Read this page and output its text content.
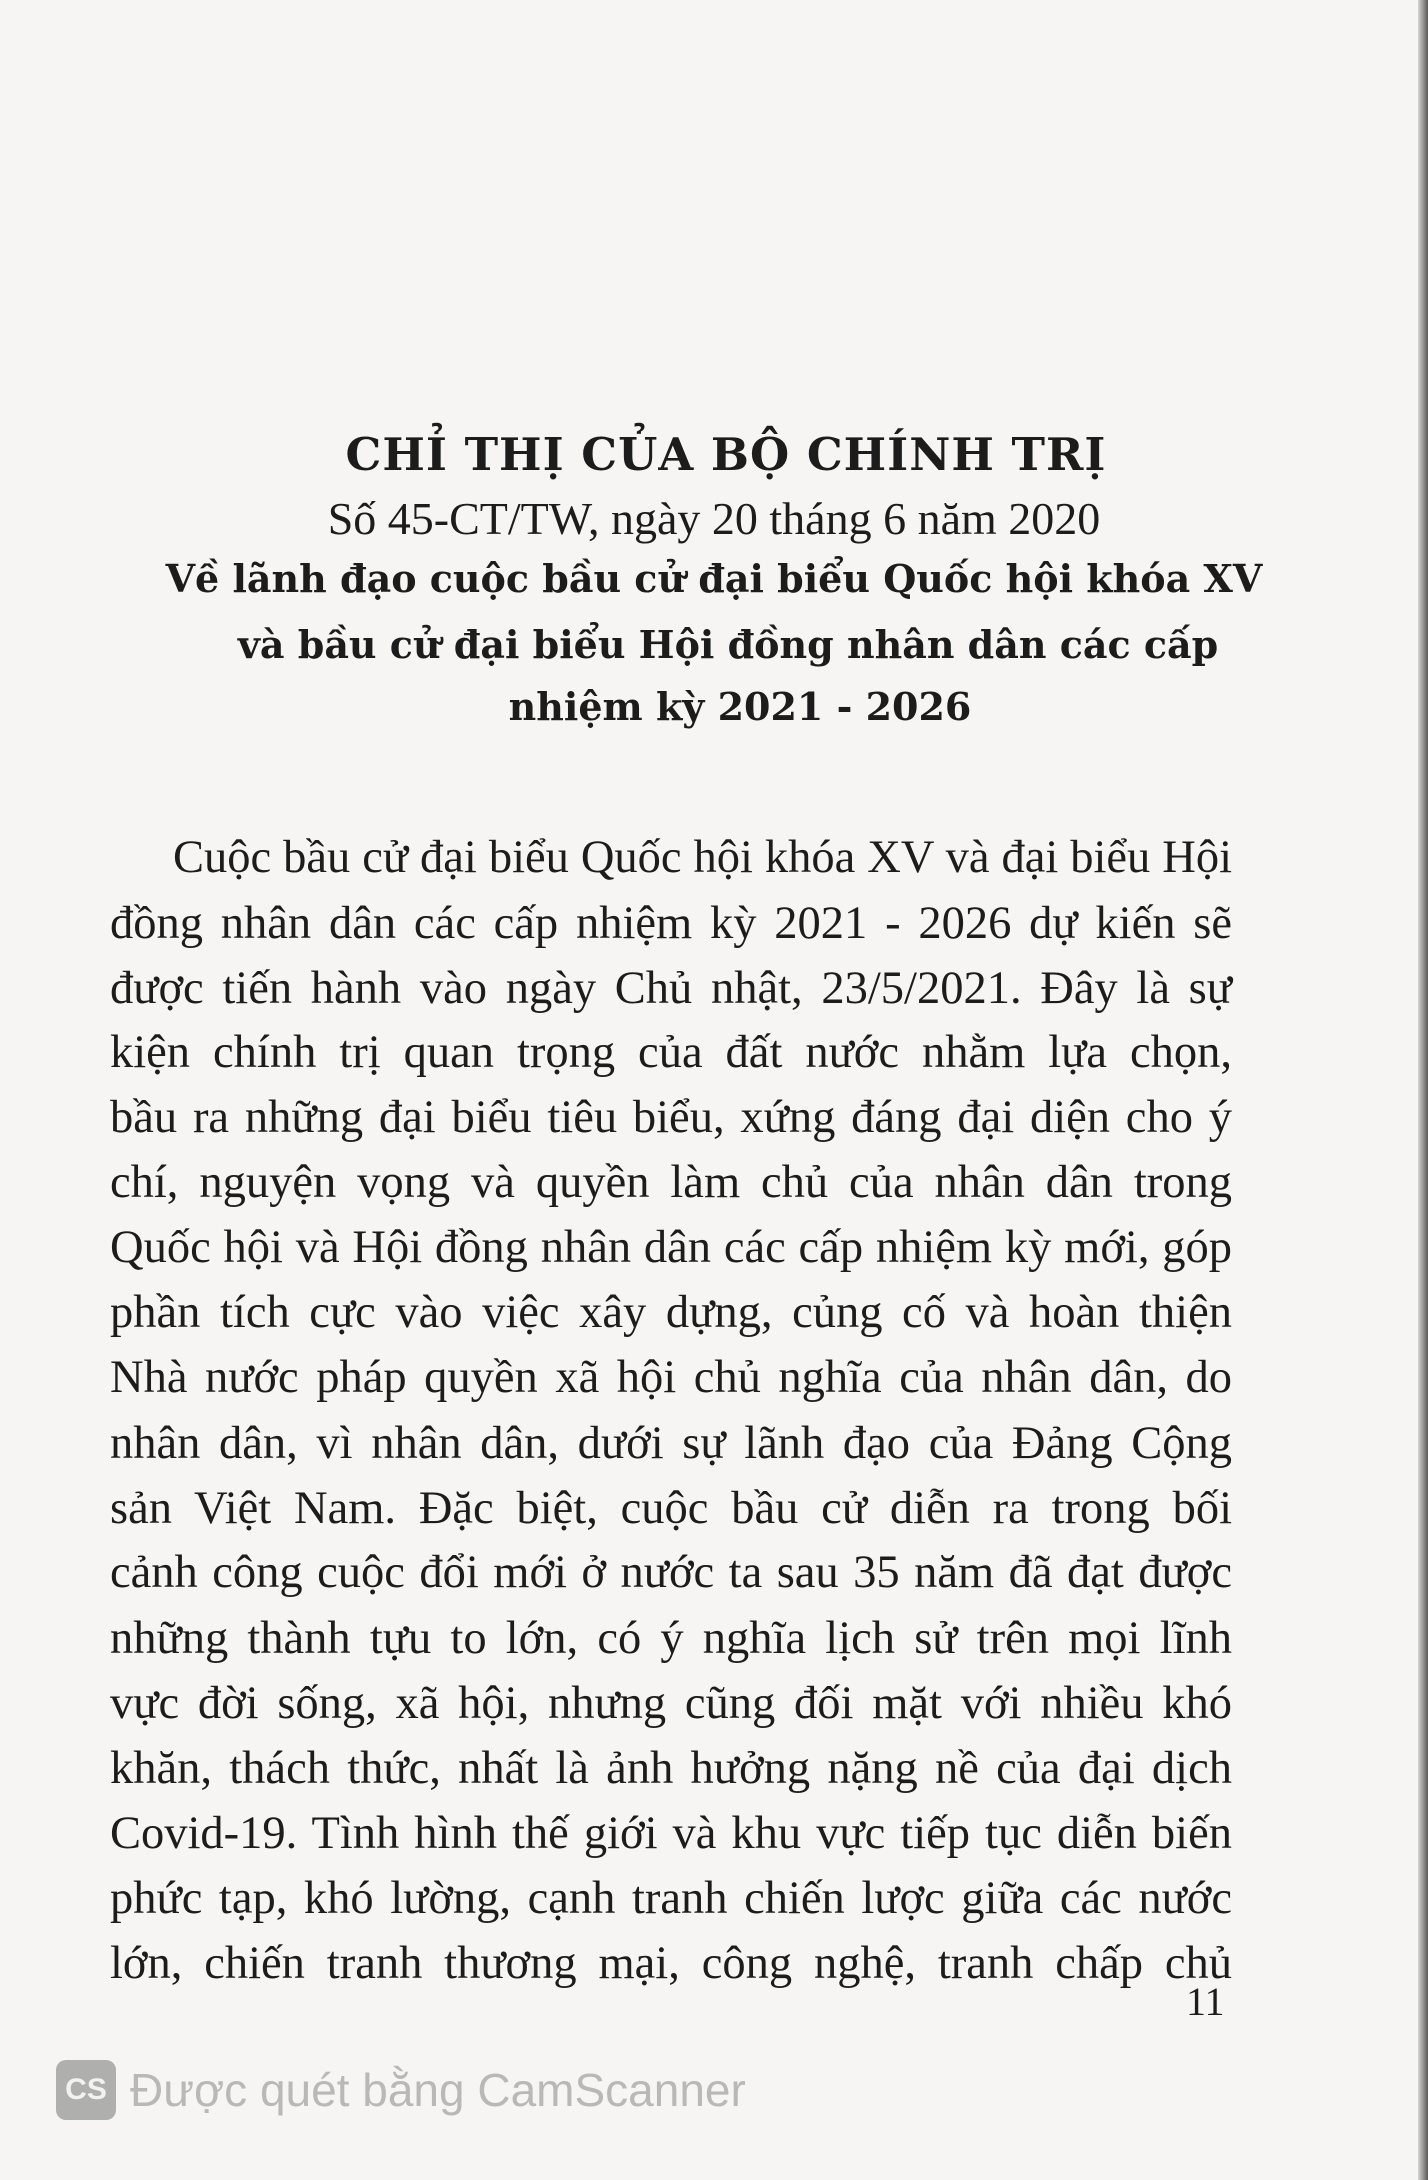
CHỈ THỊ CỦA BỘ CHÍNH TRỊ
Số 45-CT/TW, ngày 20 tháng 6 năm 2020
Về lãnh đạo cuộc bầu cử đại biểu Quốc hội khóa XV
và bầu cử đại biểu Hội đồng nhân dân các cấp
nhiệm kỳ 2021 - 2026
Cuộc bầu cử đại biểu Quốc hội khóa XV và đại biểu Hội
đồng nhân dân các cấp nhiệm kỳ 2021 - 2026 dự kiến sẽ
được tiến hành vào ngày Chủ nhật, 23/5/2021. Đây là sự
kiện chính trị quan trọng của đất nước nhằm lựa chọn,
bầu ra những đại biểu tiêu biểu, xứng đáng đại diện cho ý
chí, nguyện vọng và quyền làm chủ của nhân dân trong
Quốc hội và Hội đồng nhân dân các cấp nhiệm kỳ mới, góp
phần tích cực vào việc xây dựng, củng cố và hoàn thiện
Nhà nước pháp quyền xã hội chủ nghĩa của nhân dân, do
nhân dân, vì nhân dân, dưới sự lãnh đạo của Đảng Cộng
sản Việt Nam. Đặc biệt, cuộc bầu cử diễn ra trong bối
cảnh công cuộc đổi mới ở nước ta sau 35 năm đã đạt được
những thành tựu to lớn, có ý nghĩa lịch sử trên mọi lĩnh
vực đời sống, xã hội, nhưng cũng đối mặt với nhiều khó
khăn, thách thức, nhất là ảnh hưởng nặng nề của đại dịch
Covid-19. Tình hình thế giới và khu vực tiếp tục diễn biến
phức tạp, khó lường, cạnh tranh chiến lược giữa các nước
lớn, chiến tranh thương mại, công nghệ, tranh chấp chủ
11
CS Được quét bằng CamScanner
